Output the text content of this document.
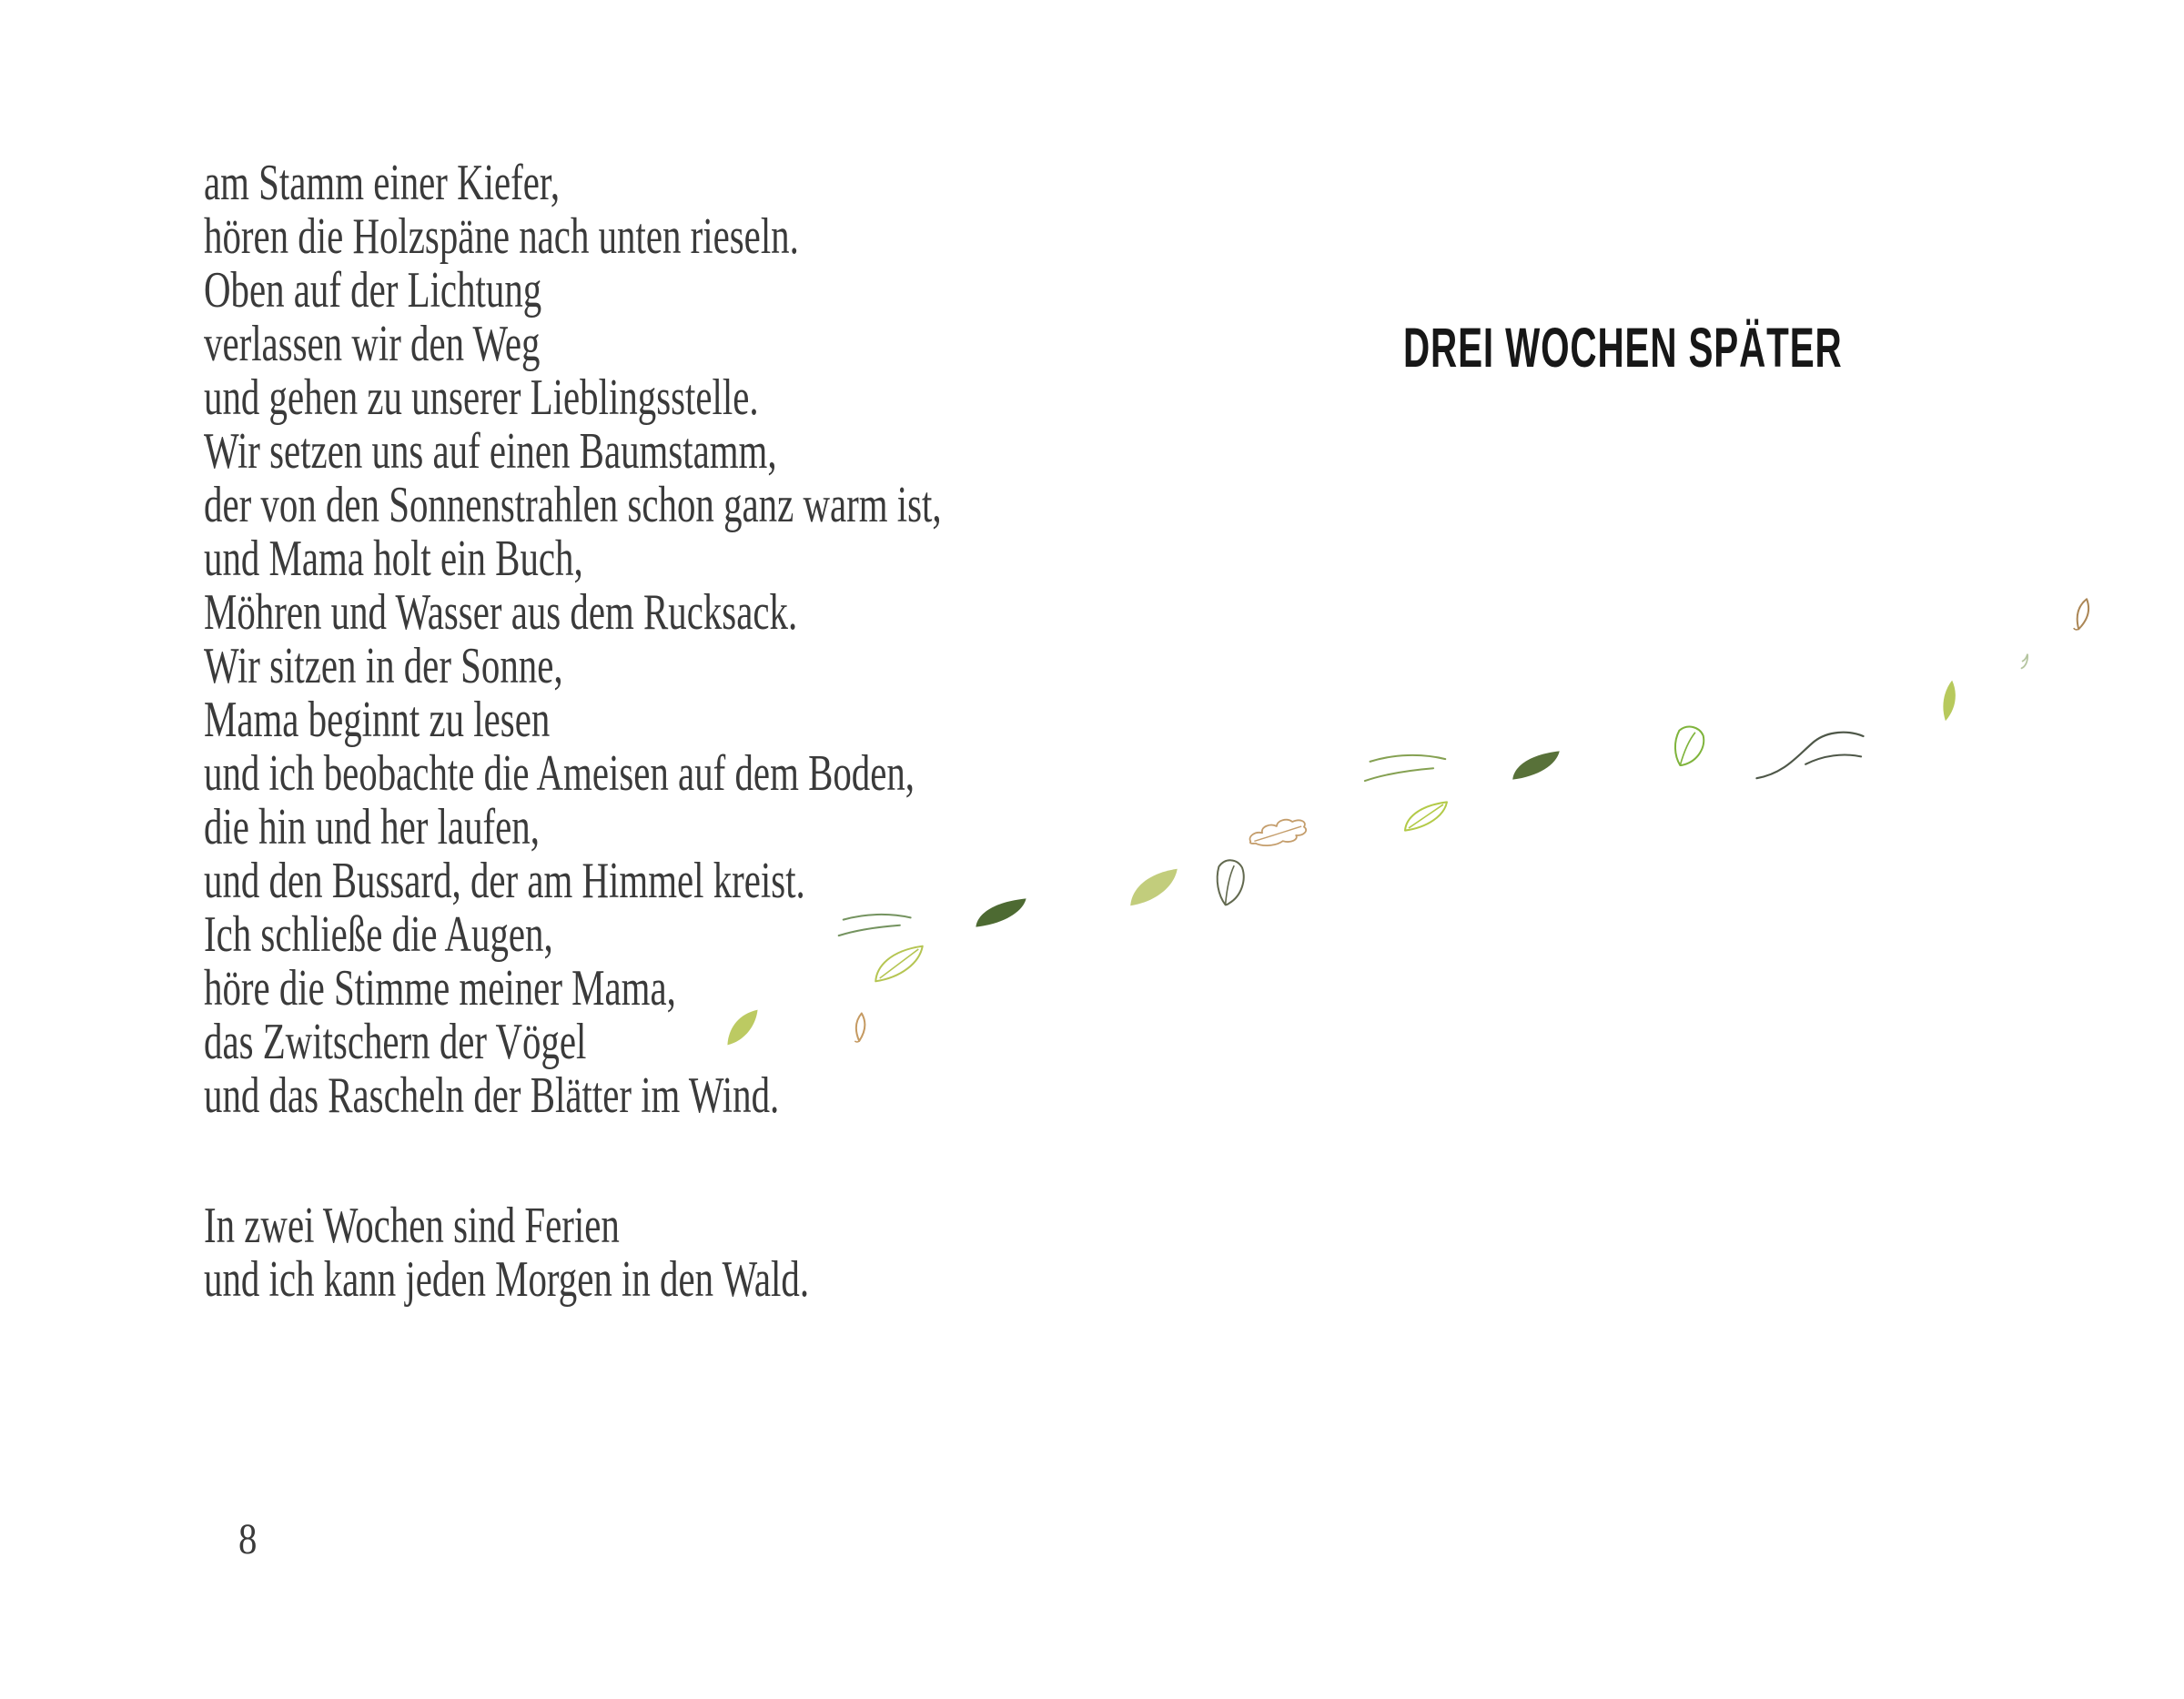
DREI WOCHEN SPÄTER
am Stamm einer Kiefer,
hören die Holzspäne nach unten rieseln.
Oben auf der Lichtung
verlassen wir den Weg
und gehen zu unserer Lieblingsstelle.
Wir setzen uns auf einen Baumstamm,
der von den Sonnenstrahlen schon ganz warm ist,
und Mama holt ein Buch,
Möhren und Wasser aus dem Rucksack.
Wir sitzen in der Sonne,
Mama beginnt zu lesen
und ich beobachte die Ameisen auf dem Boden,
die hin und her laufen,
und den Bussard, der am Himmel kreist.
Ich schließe die Augen,
höre die Stimme meiner Mama,
das Zwitschern der Vögel
und das Rascheln der Blätter im Wind.
In zwei Wochen sind Ferien
und ich kann jeden Morgen in den Wald.
8
